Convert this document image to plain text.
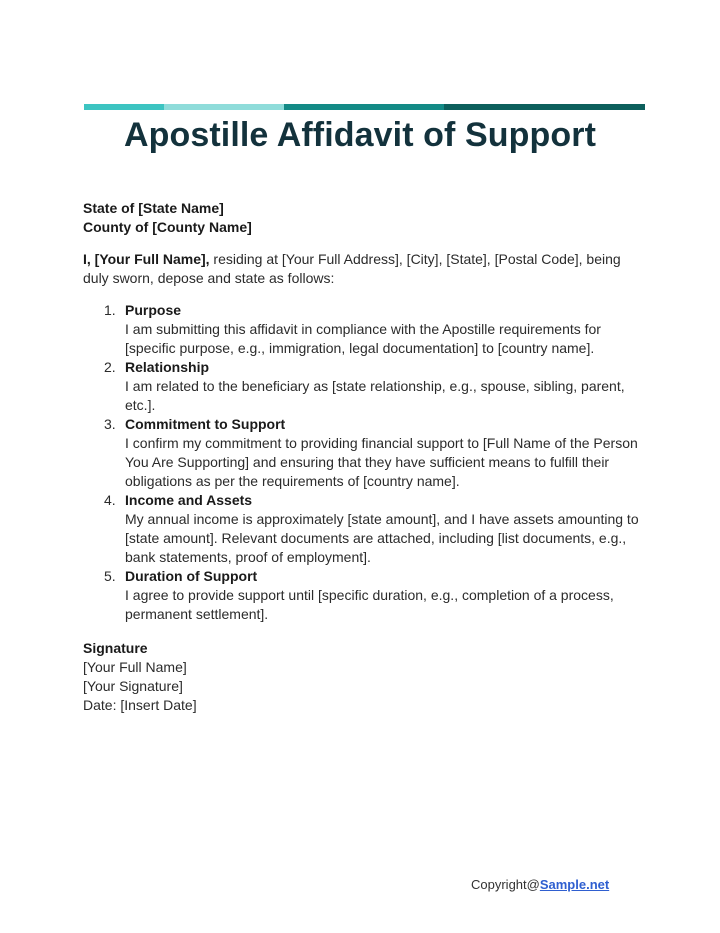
Apostille Affidavit of Support
State of [State Name]
County of [County Name]
I, [Your Full Name], residing at [Your Full Address], [City], [State], [Postal Code], being duly sworn, depose and state as follows:
1. Purpose
I am submitting this affidavit in compliance with the Apostille requirements for [specific purpose, e.g., immigration, legal documentation] to [country name].
2. Relationship
I am related to the beneficiary as [state relationship, e.g., spouse, sibling, parent, etc.].
3. Commitment to Support
I confirm my commitment to providing financial support to [Full Name of the Person You Are Supporting] and ensuring that they have sufficient means to fulfill their obligations as per the requirements of [country name].
4. Income and Assets
My annual income is approximately [state amount], and I have assets amounting to [state amount]. Relevant documents are attached, including [list documents, e.g., bank statements, proof of employment].
5. Duration of Support
I agree to provide support until [specific duration, e.g., completion of a process, permanent settlement].
Signature
[Your Full Name]
[Your Signature]
Date: [Insert Date]
Copyright@Sample.net
